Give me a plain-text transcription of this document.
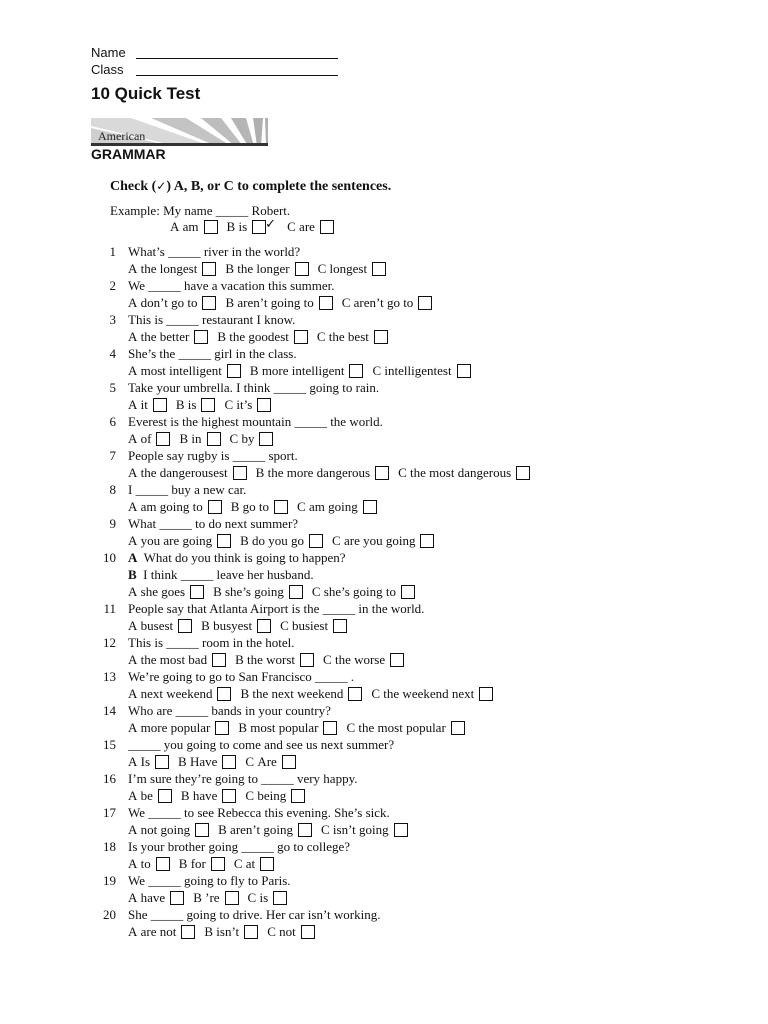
Name
Class
10 Quick Test
American
GRAMMAR
Check (✓) A, B, or C to complete the sentences.
Example: My name _____ Robert.
A
am B
is
✓	C
are
1 What’s _____ river in the world?
A
the longest B
the longer C
longest
2 We _____ have a vacation this summer.
A
don’t go to B
aren’t going to C
aren’t go to
3 This is _____ restaurant I know.
A
the better B
the goodest C
the best
4 She’s the _____ girl in the class.
A
most intelligent B
more intelligent C
intelligentest
5 Take your umbrella. I think _____ going to rain.
A
it B
is C
it’s
6 Everest is the highest mountain _____ the world.
A
of B
in C
by
7 People say rugby is _____ sport.
A
the dangerousest B
the more dangerous C
the most dangerous
8 I _____ buy a new car.
A
am going to B
go to C
am going
9 What _____ to do next summer?
A
you are going B
do you go C
are you going
10 A What do you think is going to happen?
B I think _____ leave her husband.
A
she goes B
she’s going C
she’s going to
11 People say that Atlanta Airport is the _____ in the world.
A
busest B
busyest C
busiest
12 This is _____ room in the hotel.
A
the most bad B
the worst C
the worse
13 We’re going to go to San Francisco _____ .
A
next weekend B
the next weekend C
the weekend next
14 Who are _____ bands in your country?
A
more popular B
most popular C
the most popular
15 _____ you going to come and see us next summer?
A
Is B
Have C
Are
16 I’m sure they’re going to _____ very happy.
A
be B
have C
being
17 We _____ to see Rebecca this evening. She’s sick.
A
not going B
aren’t going C
isn’t going
18 Is your brother going _____ go to college?
A
to B
for C
at
19 We _____ going to fly to Paris.
A
have B
’re C
is
20 She _____ going to drive. Her car isn’t working.
A
are not B
isn’t C
not
